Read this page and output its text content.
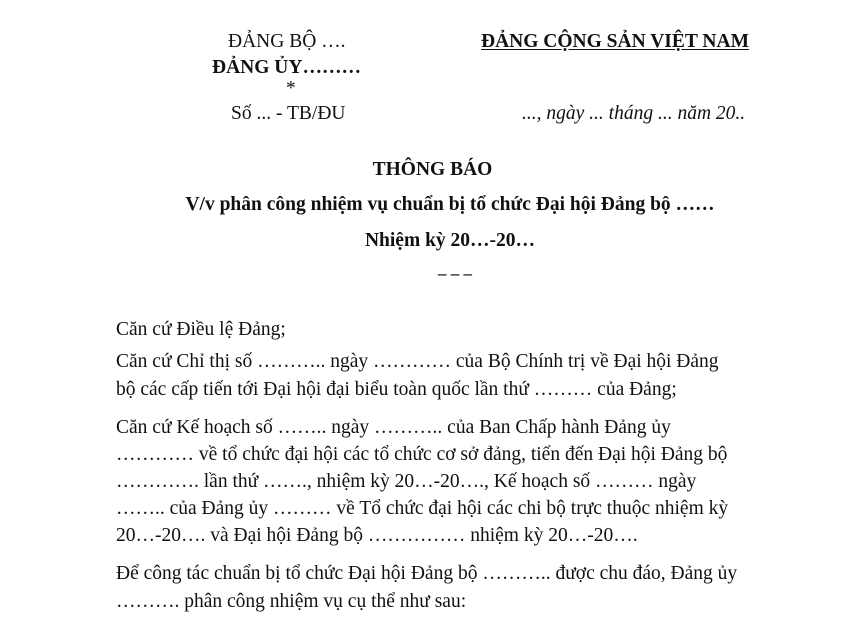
ĐẢNG BỘ ….
ĐẢNG ỦY………
*
Số ... - TB/ĐU
ĐẢNG CỘNG SẢN VIỆT NAM
..., ngày ... tháng ... năm 20..
THÔNG BÁO
V/v phân công nhiệm vụ chuẩn bị tổ chức Đại hội Đảng bộ ……
Nhiệm kỳ 20…-20…
– – –
Căn cứ Điều lệ Đảng;
Căn cứ Chỉ thị số ……….. ngày ………… của Bộ Chính trị về Đại hội Đảng
bộ các cấp tiến tới Đại hội đại biểu toàn quốc lần thứ ……… của Đảng;
Căn cứ Kế hoạch số …….. ngày ……….. của Ban Chấp hành Đảng ủy
………… về tổ chức đại hội các tổ chức cơ sở đảng, tiến đến Đại hội Đảng bộ
…………. lần thứ ……., nhiệm kỳ 20…-20…., Kế hoạch số ……… ngày
…….. của Đảng ủy ……… về Tổ chức đại hội các chi bộ trực thuộc nhiệm kỳ
20…-20…. và Đại hội Đảng bộ …………… nhiệm kỳ 20…-20….
Để công tác chuẩn bị tổ chức Đại hội Đảng bộ ……….. được chu đáo, Đảng ủy
………. phân công nhiệm vụ cụ thể như sau:
